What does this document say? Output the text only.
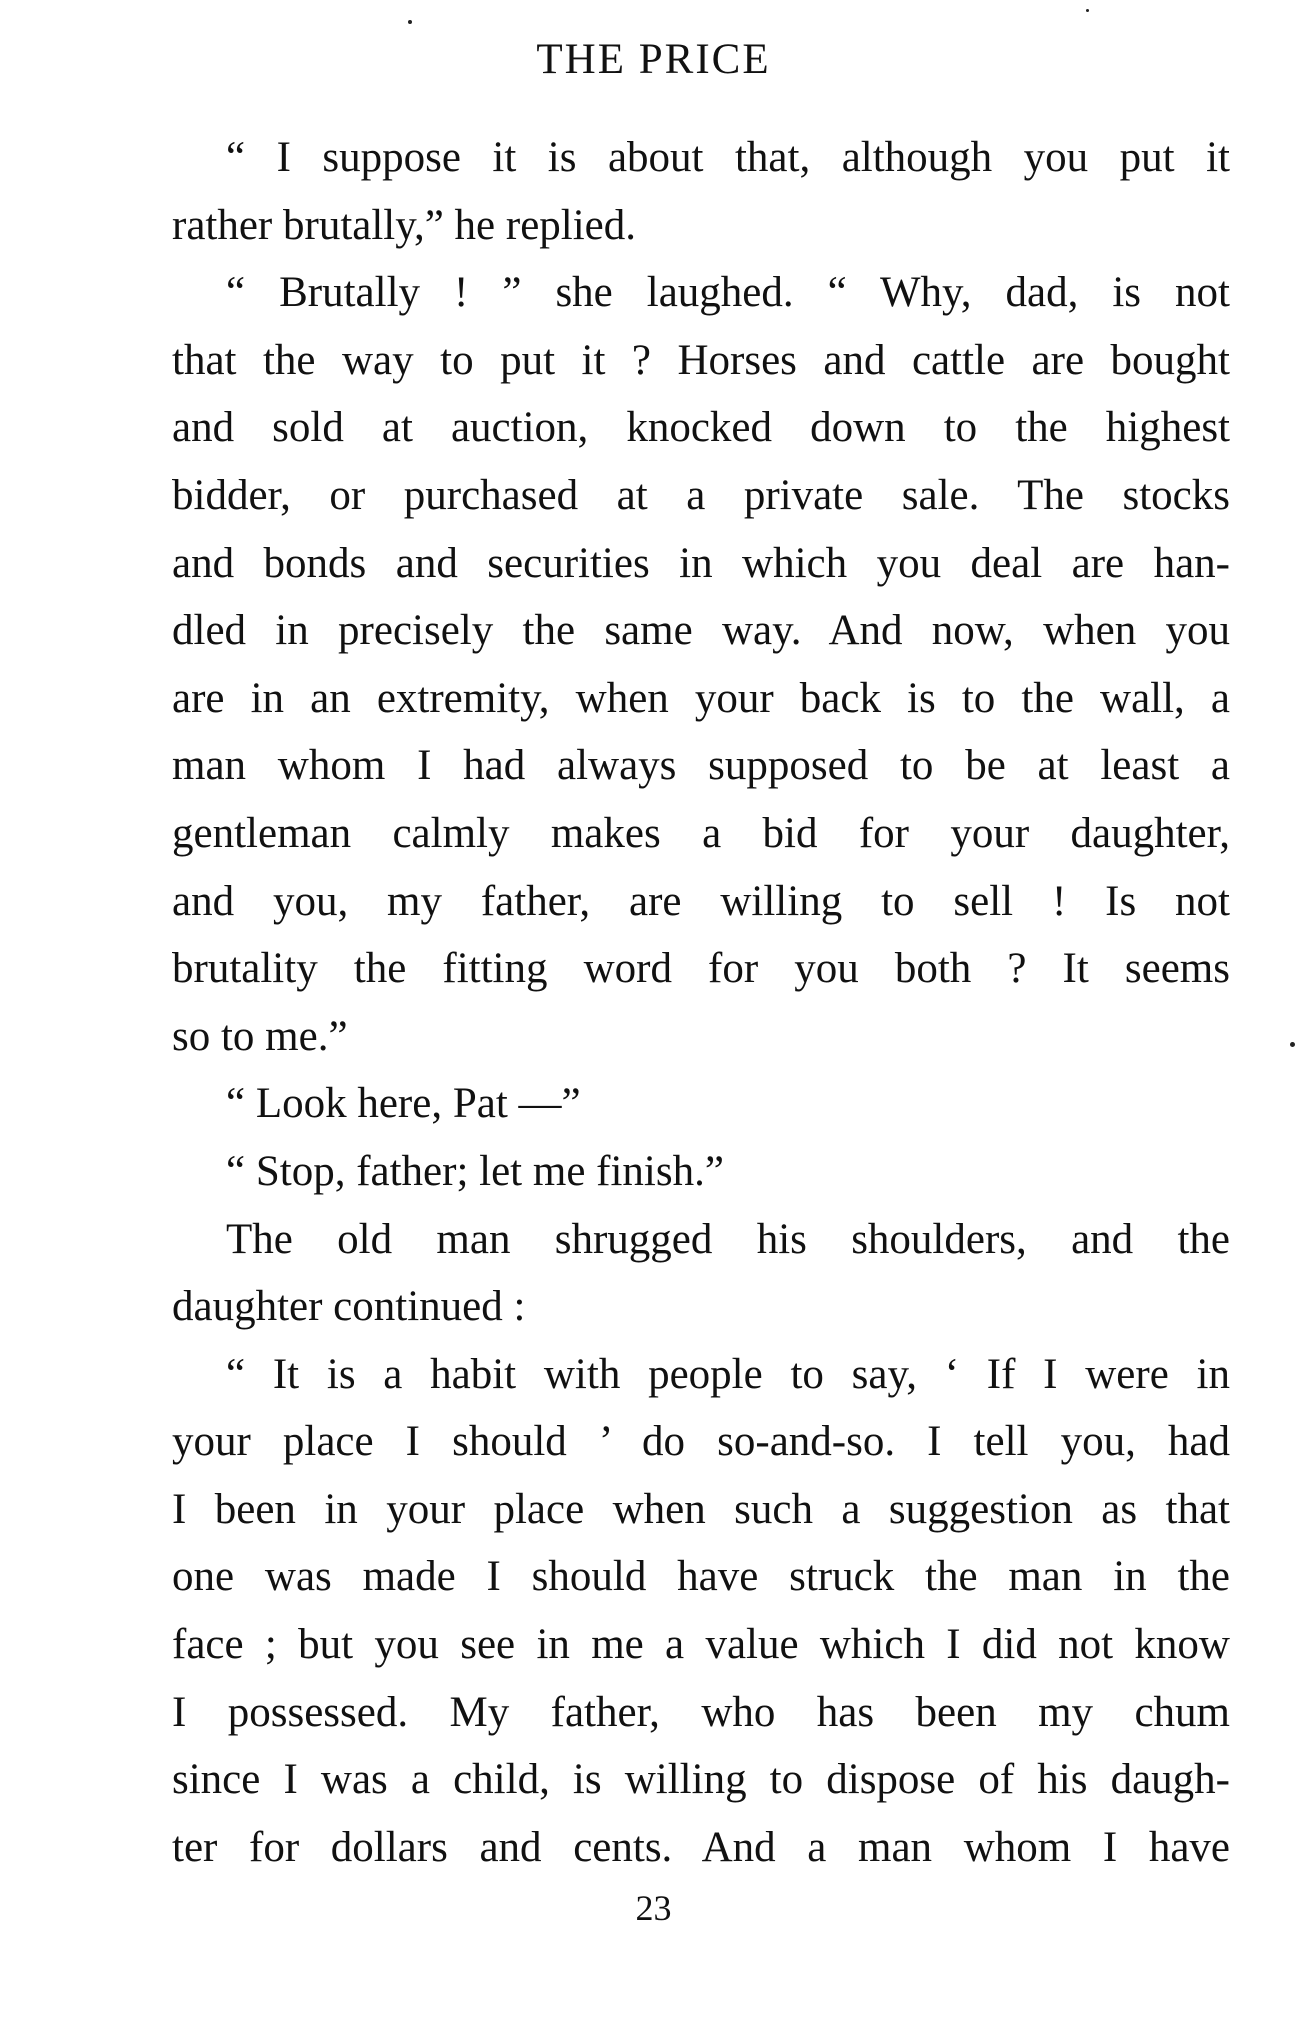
THE PRICE
“ I suppose it is about that, although you put it
rather brutally,” he replied.
“ Brutally ! ” she laughed. “ Why, dad, is not
that the way to put it ? Horses and cattle are bought
and sold at auction, knocked down to the highest
bidder, or purchased at a private sale. The stocks
and bonds and securities in which you deal are han-
dled in precisely the same way. And now, when you
are in an extremity, when your back is to the wall, a
man whom I had always supposed to be at least a
gentleman calmly makes a bid for your daughter,
and you, my father, are willing to sell ! Is not
brutality the fitting word for you both ? It seems
so to me.”
“ Look here, Pat —”
“ Stop, father; let me finish.”
The old man shrugged his shoulders, and the
daughter continued :
“ It is a habit with people to say, ‘ If I were in
your place I should ’ do so-and-so. I tell you, had
I been in your place when such a suggestion as that
one was made I should have struck the man in the
face ; but you see in me a value which I did not know
I possessed. My father, who has been my chum
since I was a child, is willing to dispose of his daugh-
ter for dollars and cents. And a man whom I have
23
